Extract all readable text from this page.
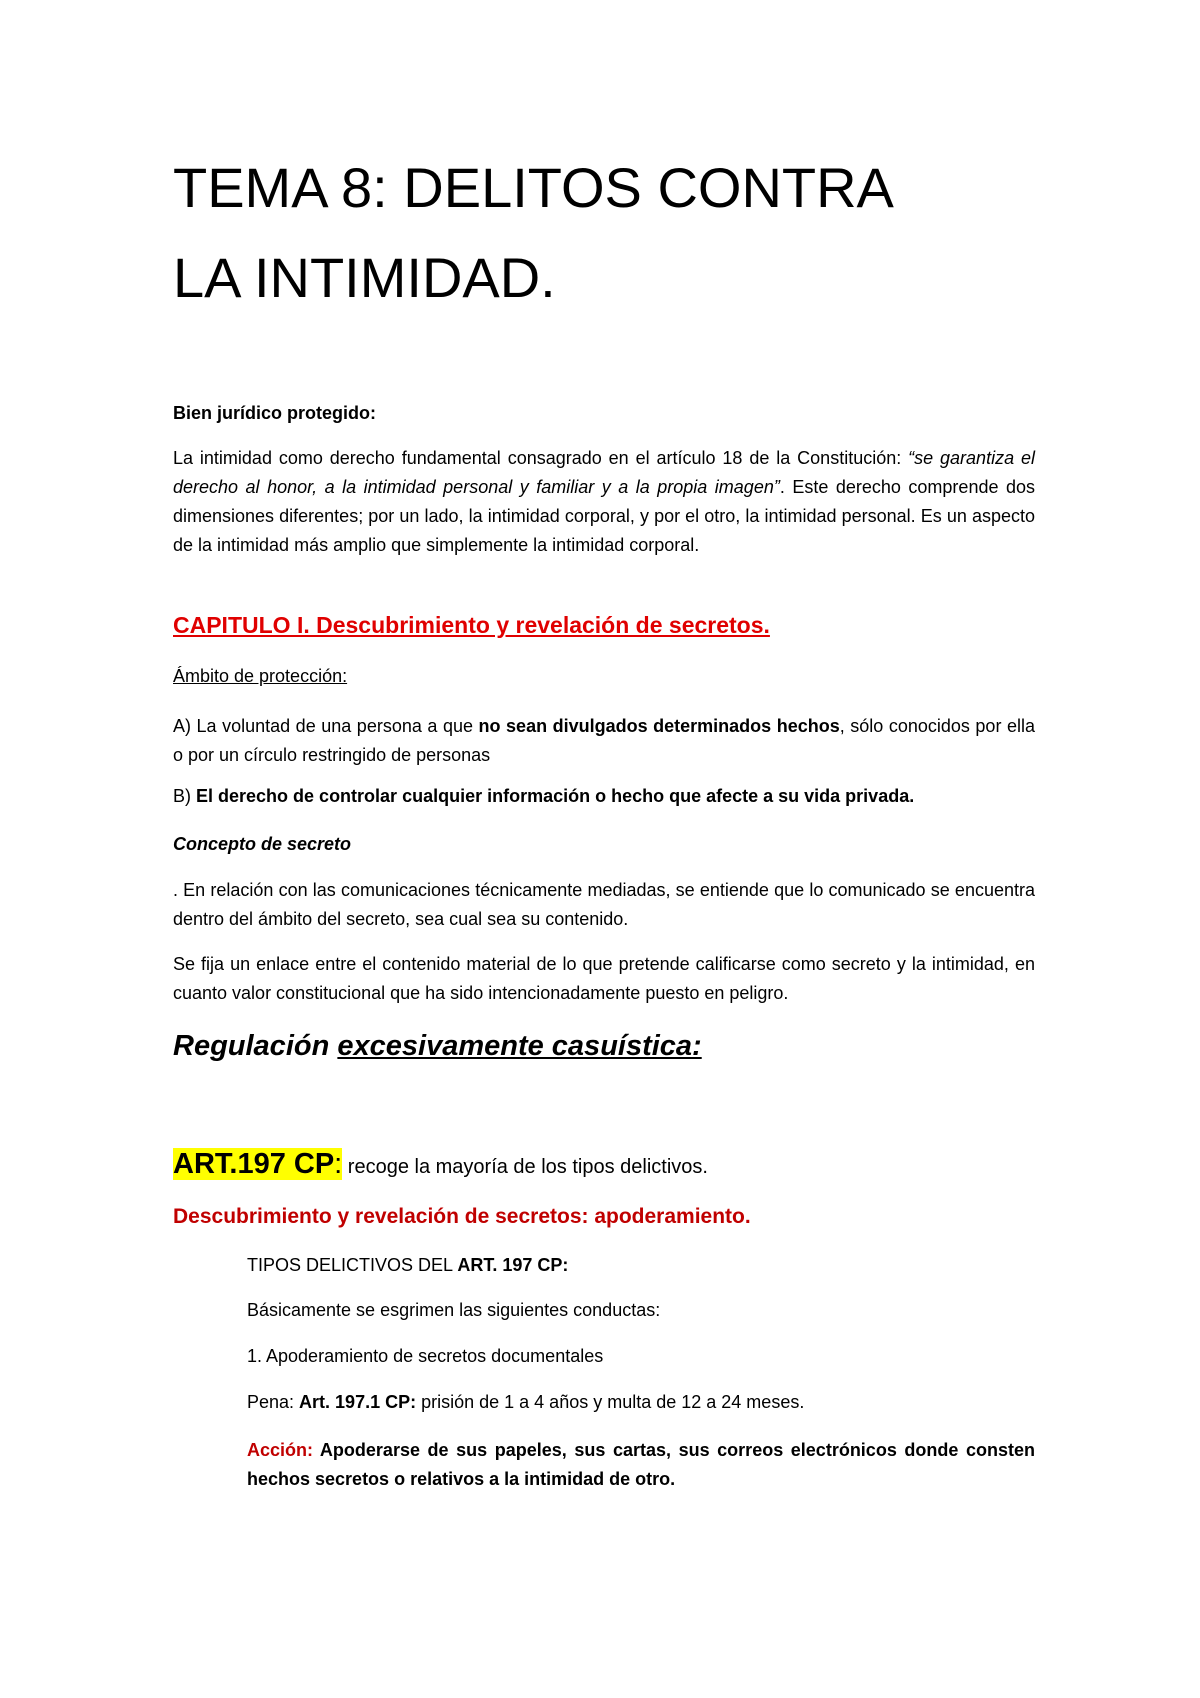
TEMA 8: DELITOS CONTRA
LA INTIMIDAD.

Bien jurídico protegido:

La intimidad como derecho fundamental consagrado en el artículo 18 de la Constitución: “se garantiza el derecho al honor, a la intimidad personal y familiar y a la propia imagen”. Este derecho comprende dos dimensiones diferentes; por un lado, la intimidad corporal, y por el otro, la intimidad personal. Es un aspecto de la intimidad más amplio que simplemente la intimidad corporal.

CAPITULO I. Descubrimiento y revelación de secretos.

Ámbito de protección:

A) La voluntad de una persona a que no sean divulgados determinados hechos, sólo conocidos por ella o por un círculo restringido de personas

B) El derecho de controlar cualquier información o hecho que afecte a su vida privada.

Concepto de secreto

. En relación con las comunicaciones técnicamente mediadas, se entiende que lo comunicado se encuentra dentro del ámbito del secreto, sea cual sea su contenido.

Se fija un enlace entre el contenido material de lo que pretende calificarse como secreto y la intimidad, en cuanto valor constitucional que ha sido intencionadamente puesto en peligro.

Regulación excesivamente casuística:

ART.197 CP: recoge la mayoría de los tipos delictivos.

Descubrimiento y revelación de secretos: apoderamiento.

TIPOS DELICTIVOS DEL ART. 197 CP:

Básicamente se esgrimen las siguientes conductas:

1. Apoderamiento de secretos documentales

Pena: Art. 197.1 CP: prisión de 1 a 4 años y multa de 12 a 24 meses.

Acción: Apoderarse de sus papeles, sus cartas, sus correos electrónicos donde consten hechos secretos o relativos a la intimidad de otro.
